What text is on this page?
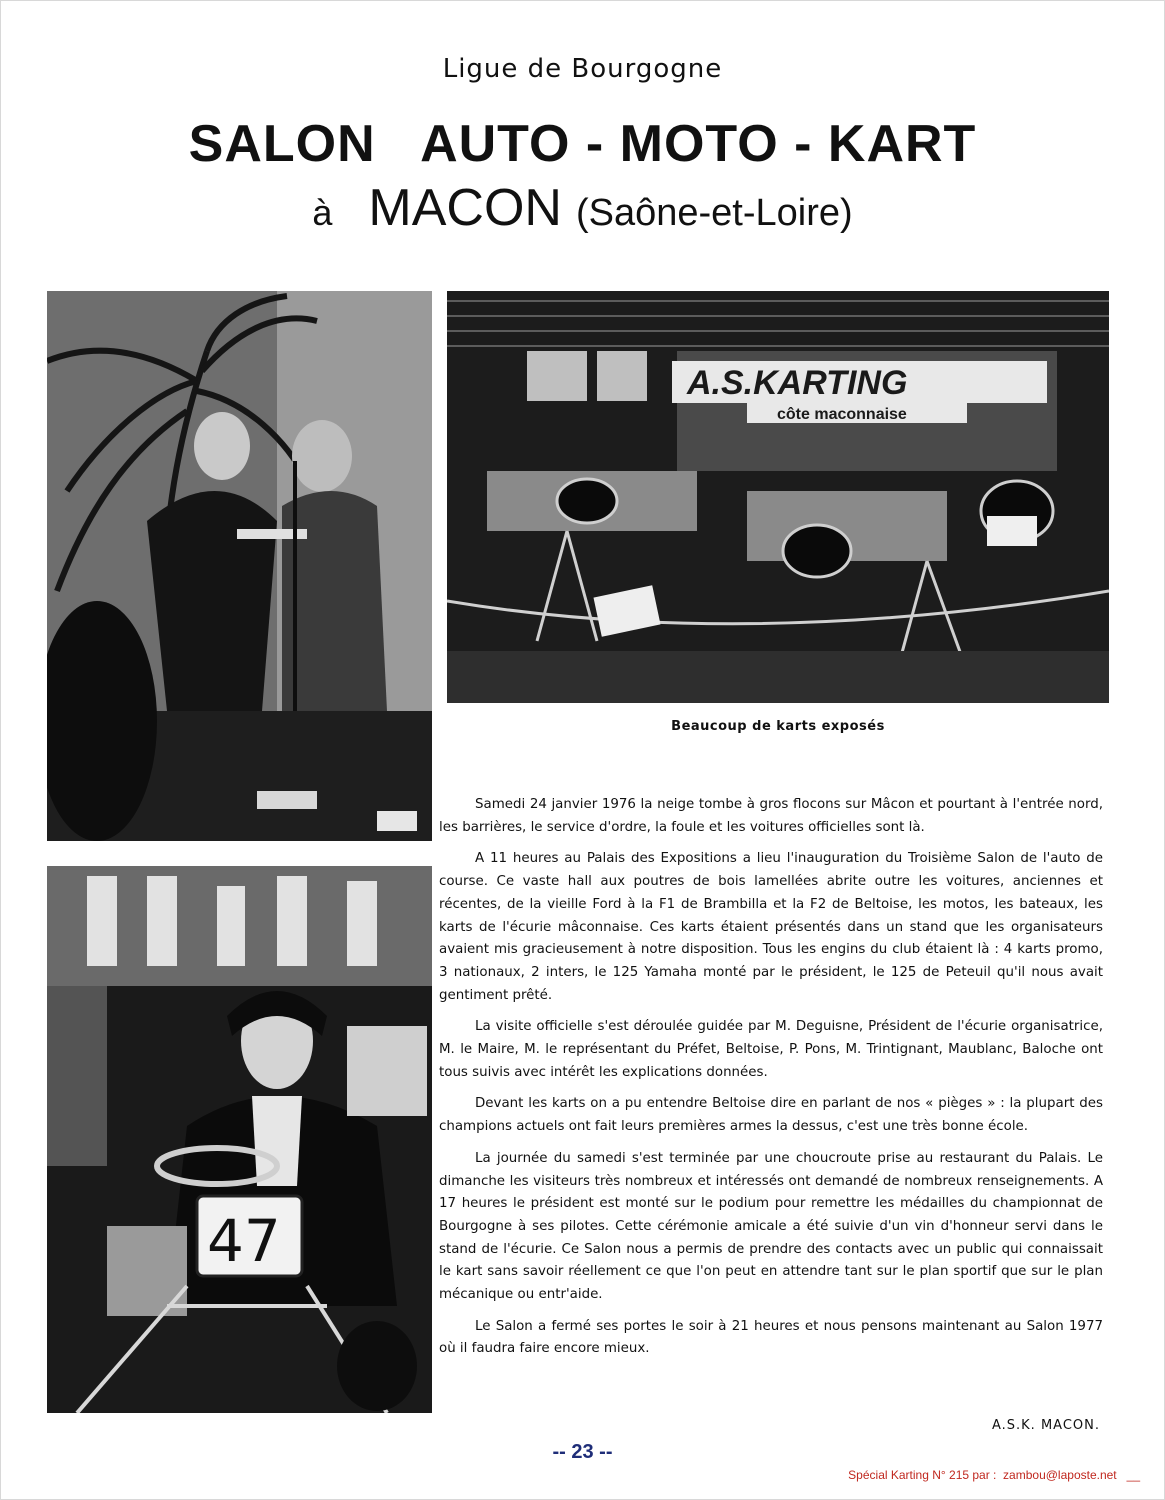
Ligue de Bourgogne
SALON   AUTO - MOTO - KART
à MACON (Saône-et-Loire)
A.S.KARTING
côte maconnaise
Beaucoup de karts exposés
47

Samedi 24 janvier 1976 la neige tombe à gros flocons sur Mâcon et pourtant à l'entrée nord, les barrières, le service d'ordre, la foule et les voitures officielles sont là.

A 11 heures au Palais des Expositions a lieu l'inauguration du Troisième Salon de l'auto de course. Ce vaste hall aux poutres de bois lamellées abrite outre les voitures, anciennes et récentes, de la vieille Ford à la F1 de Brambilla et la F2 de Beltoise, les motos, les bateaux, les karts de l'écurie mâconnaise. Ces karts étaient présentés dans un stand que les organisateurs avaient mis gracieusement à notre disposition. Tous les engins du club étaient là : 4 karts promo, 3 nationaux, 2 inters, le 125 Yamaha monté par le président, le 125 de Peteuil qu'il nous avait gentiment prêté.

La visite officielle s'est déroulée guidée par M. Deguisne, Président de l'écurie organisatrice, M. le Maire, M. le représentant du Préfet, Beltoise, P. Pons, M. Trintignant, Maublanc, Baloche ont tous suivis avec intérêt les explications données.

Devant les karts on a pu entendre Beltoise dire en parlant de nos « pièges » : la plupart des champions actuels ont fait leurs premières armes la dessus, c'est une très bonne école.

La journée du samedi s'est terminée par une choucroute prise au restaurant du Palais. Le dimanche les visiteurs très nombreux et intéressés ont demandé de nombreux renseignements. A 17 heures le président est monté sur le podium pour remettre les médailles du championnat de Bourgogne à ses pilotes. Cette cérémonie amicale a été suivie d'un vin d'honneur servi dans le stand de l'écurie. Ce Salon nous a permis de prendre des contacts avec un public qui connaissait le kart sans savoir réellement ce que l'on peut en attendre tant sur le plan sportif que sur le plan mécanique ou entr'aide.

Le Salon a fermé ses portes le soir à 21 heures et nous pensons maintenant au Salon 1977 où il faudra faire encore mieux.

A.S.K. MACON.
-- 23 --
Spécial Karting N° 215 par :  zambou@laposte.net   __
